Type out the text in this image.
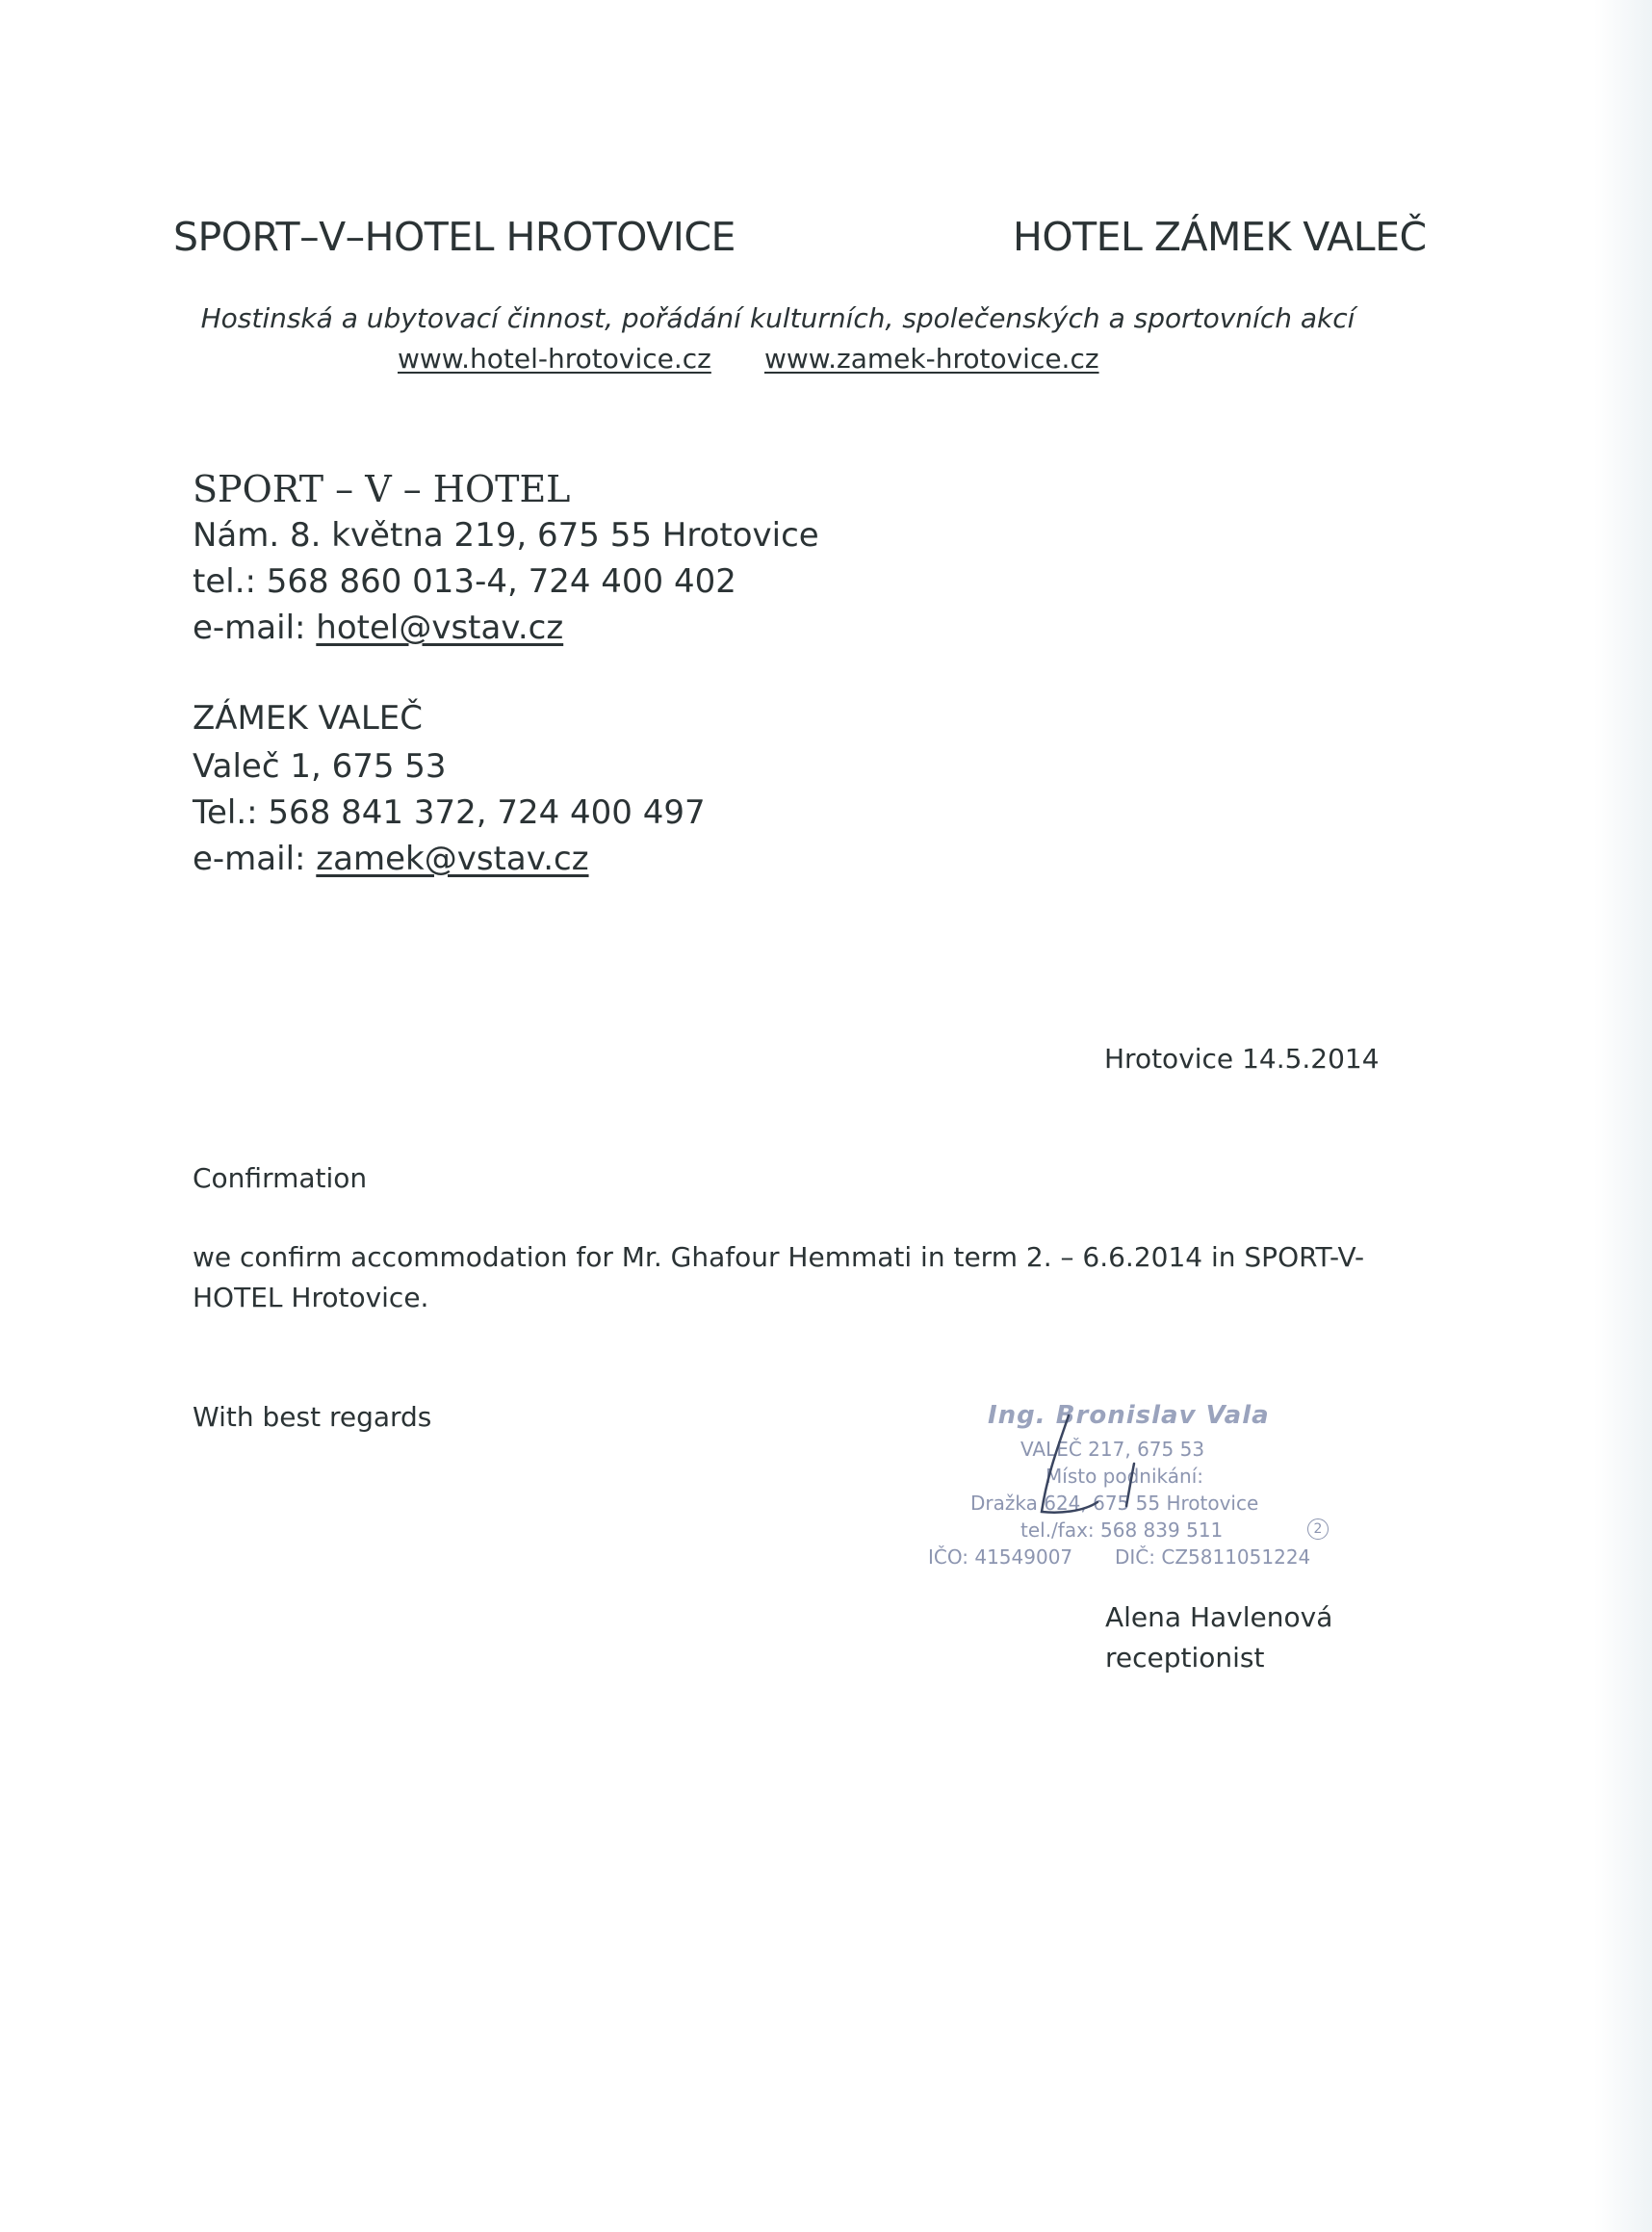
SPORT–V–HOTEL HROTOVICE	HOTEL ZÁMEK VALEČ
Hostinská a ubytovací činnost, pořádání kulturních, společenských a sportovních akcí
www.hotel-hrotovice.cz www.zamek-hrotovice.cz
SPORT – V – HOTEL
Nám. 8. května 219, 675 55 Hrotovice
tel.: 568 860 013-4, 724 400 402
e-mail: hotel@vstav.cz
ZÁMEK VALEČ
Valeč 1, 675 53
Tel.: 568 841 372, 724 400 497
e-mail: zamek@vstav.cz
Hrotovice 14.5.2014
Confirmation
we confirm accommodation for Mr. Ghafour Hemmati in term 2. – 6.6.2014 in SPORT-V-
HOTEL Hrotovice.
With best regards	Ing. Bronislav Vala
VALEČ 217, 675 53
Místo podnikání:
Dražka 624, 675 55 Hrotovice
tel./fax: 568 839 511	2
IČO: 41549007 DIČ: CZ5811051224
Alena Havlenová
receptionist
